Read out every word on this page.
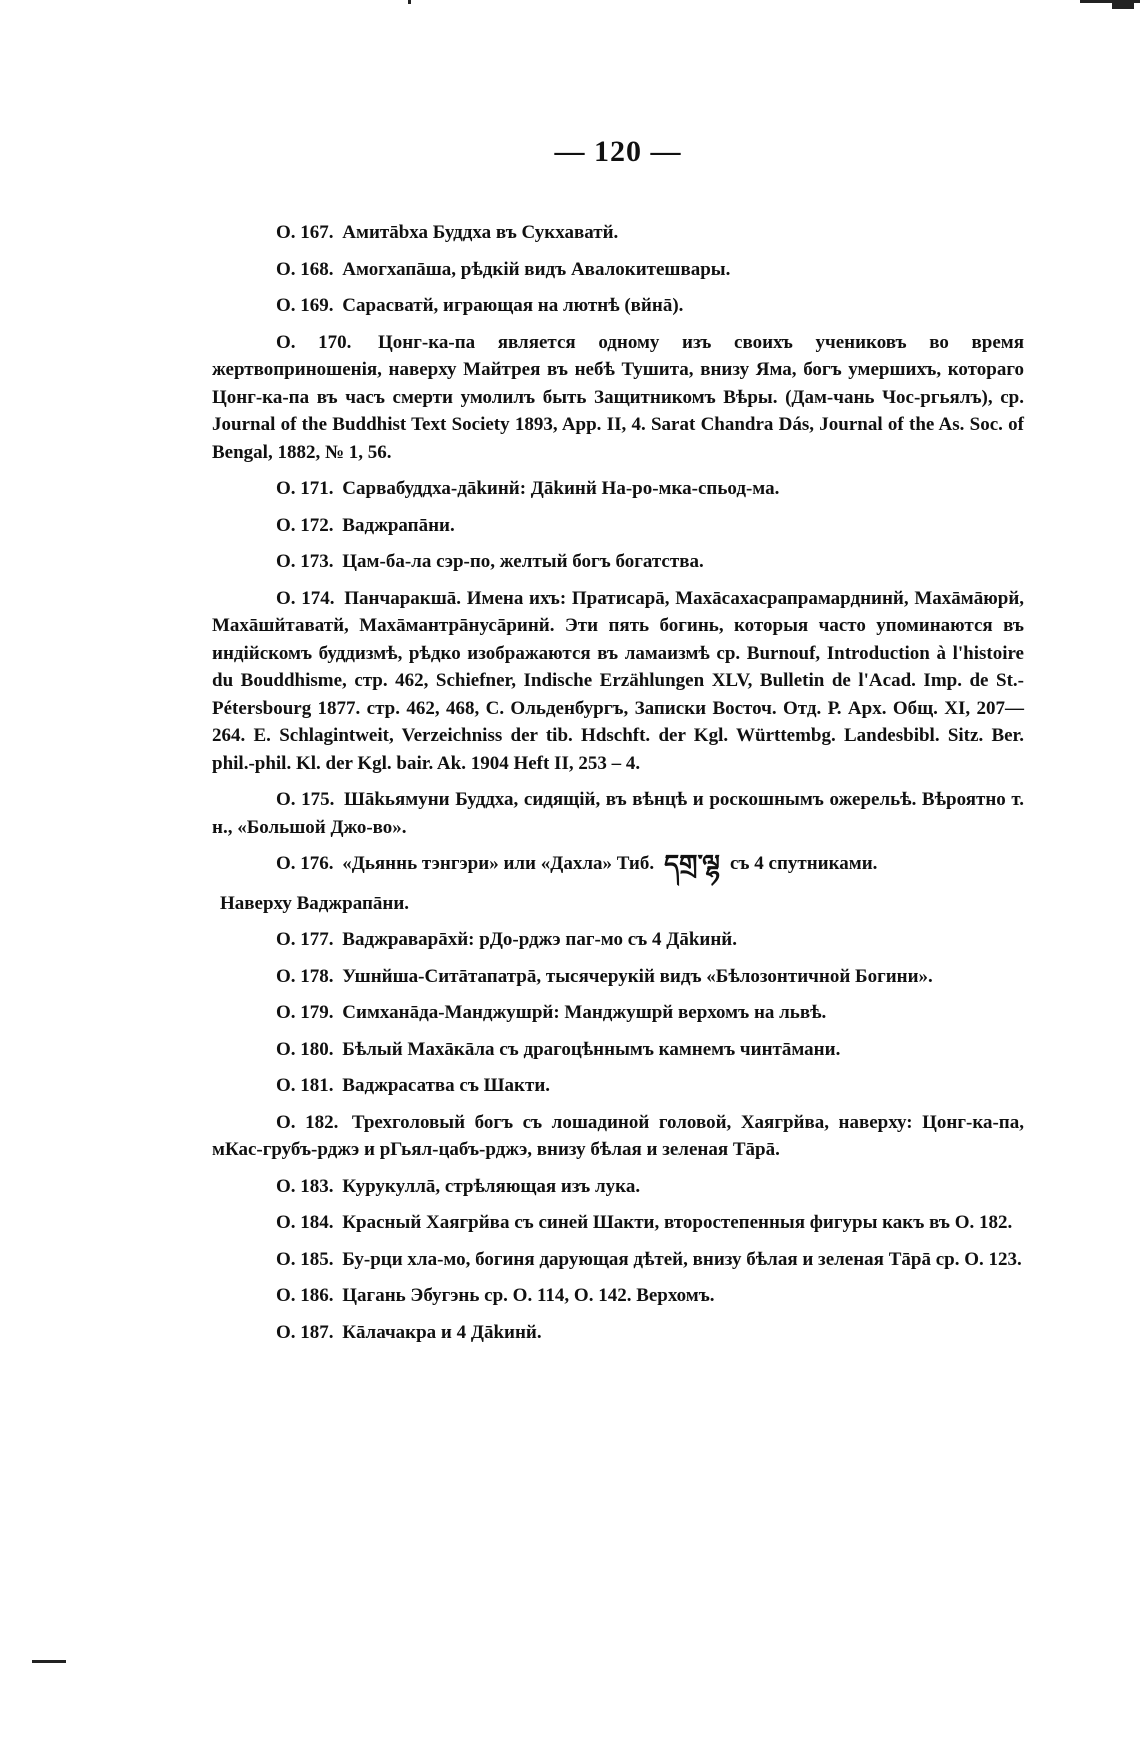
— 120 —

О. 167. Амитābха Буддха въ Сукхаватй.

О. 168. Амогхапāша, рѣдкiй видъ Авалокитешвары.

О. 169. Сарасватй, играющая на лютнѣ (вйнā).

О. 170. Цонг-ка-па является одному изъ своихъ учениковъ во время жертвоприношенія, наверху Майтрея въ небѣ Тушита, внизу Яма, богъ умершихъ, котораго Цонг-ка-па въ часъ смерти умолилъ быть Защитникомъ Вѣры. (Дам-чань Чос-ргьялъ), ср. Journal of the Buddhist Text Society 1893, App. II, 4. Sarat Chandra Dás, Journal of the As. Soc. of Bengal, 1882, № 1, 56.

О. 171. Сарвабуддха-дākинй: Дākинй На-ро-мка-спьод-ма.

О. 172. Ваджрапāни.

О. 173. Цам-ба-ла сэр-по, желтый богъ богатства.

О. 174. Панчаракшā. Имена ихъ: Пратисарā, Махāсахасрапрамарднинй, Махāмāюрй, Махāшйтаватй, Махāмантрāнусāринй. Эти пять богинь, которыя часто упоминаются въ индійскомъ буддизмѣ, рѣдко изображаются въ ламаизмѣ ср. Burnouf, Introduction à l'histoire du Bouddhisme, стр. 462, Schiefner, Indische Erzählungen XLV, Bulletin de l'Acad. Imp. de St.-Pétersbourg 1877. стр. 462, 468, С. Ольденбургъ, Записки Восточ. Отд. Р. Арх. Общ. XI, 207—264. E. Schlagintweit, Verzeichniss der tib. Hdschft. der Kgl. Württembg. Landesbibl. Sitz. Ber. phil.-phil. Kl. der Kgl. bair. Ak. 1904 Heft II, 253 – 4.

О. 175. Шākьямуни Буддха, сидящій, въ вѣнцѣ и роскошнымъ ожерельѣ. Вѣроятно т. н., «Большой Джо-во».

О. 176. «Дьяннь тэнгэри» или «Дахла» Тиб. དགྲ་ལྷ съ 4 спутниками.

Наверху Ваджрапāни.

О. 177. Ваджраварāхй: рДо-рджэ паг-мо съ 4 Дākинй.

О. 178. Ушнйша-Ситāтапатрā, тысячерукій видъ «Бѣлозонтичной Богини».

О. 179. Симханāда-Манджушрй: Манджушрй верхомъ на львѣ.

О. 180. Бѣлый Махāкāла съ драгоцѣннымъ камнемъ чинтāмани.

О. 181. Ваджрасатва съ Шакти.

О. 182. Трехголовый богъ съ лошадиной головой, Хаягрйва, наверху: Цонг-ка-па, мКас-грубъ-рджэ и рГьял-цабъ-рджэ, внизу бѣлая и зеленая Тāрā.

О. 183. Курукуллā, стрѣляющая изъ лука.

О. 184. Красный Хаягрйва съ синей Шакти, второстепенныя фигуры какъ въ О. 182.

О. 185. Бу-рци хла-мо, богиня дарующая дѣтей, внизу бѣлая и зеленая Тāрā ср. О. 123.

О. 186. Цагань Эбугэнь ср. О. 114, О. 142. Верхомъ.

О. 187. Кāлачакра и 4 Дākинй.
